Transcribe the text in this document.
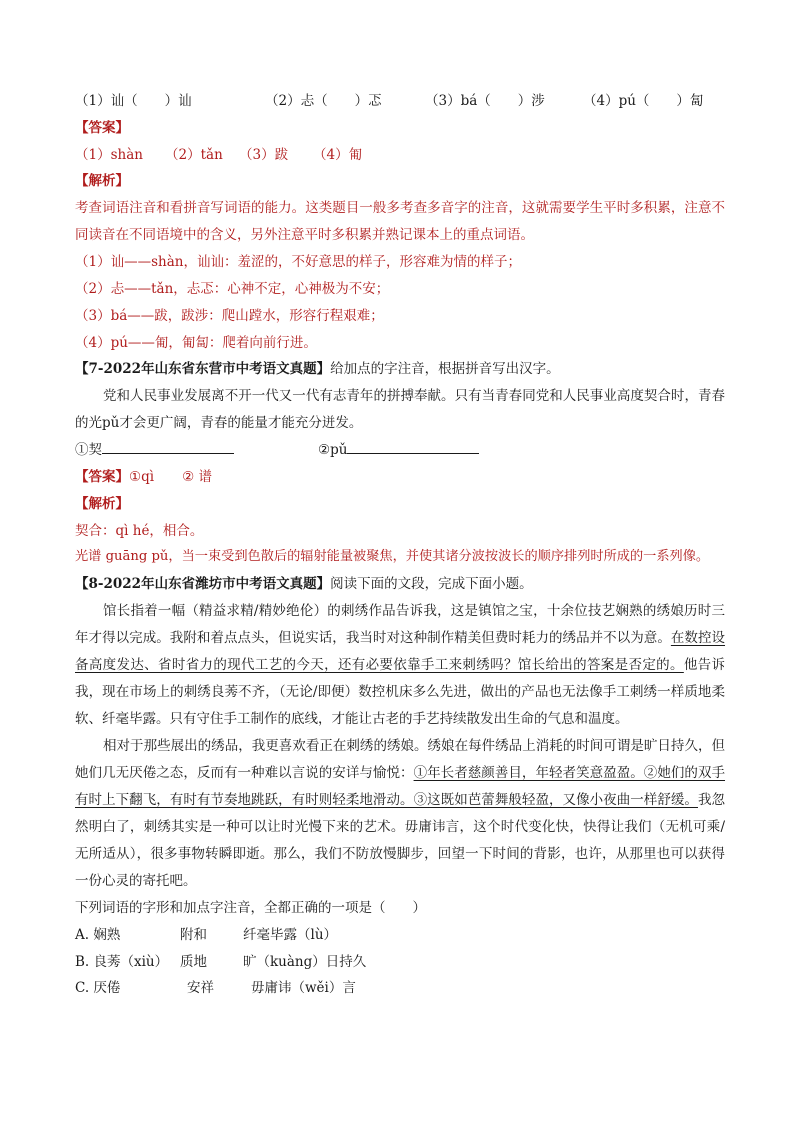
（1）讪（　　）讪	（2）忐（　　）忑	（3）bá（　　）涉	（4）pú（　　）匐
【答案】
（1）shàn （2）tǎn （3）跋 （4）匍
【解析】
考查词语注音和看拼音写词语的能力。这类题目一般多考查多音字的注音，这就需要学生平时多积累，注意不同读音在不同语境中的含义，另外注意平时多积累并熟记课本上的重点词语。
（1）讪——shàn，讪讪：羞涩的，不好意思的样子，形容难为情的样子；
（2）忐——tǎn，忐忑：心神不定，心神极为不安；
（3）bá——跋，跋涉：爬山蹚水，形容行程艰难；
（4）pú——匍，匍匐：爬着向前行进。
【7-2022年山东省东营市中考语文真题】给加点的字注音，根据拼音写出汉字。
党和人民事业发展离不开一代又一代有志青年的拼搏奉献。只有当青春同党和人民事业高度契合时，青春的光pǔ才会更广阔，青春的能量才能充分迸发。
①契	②pǔ
【答案】①qì ② 谱
【解析】
契合：qì hé，相合。
光谱 guāng pǔ，当一束受到色散后的辐射能量被聚焦，并使其诸分波按波长的顺序排列时所成的一系列像。
【8-2022年山东省潍坊市中考语文真题】阅读下面的文段，完成下面小题。
馆长指着一幅（精益求精/精妙绝伦）的刺绣作品告诉我，这是镇馆之宝，十余位技艺娴熟的绣娘历时三年才得以完成。我附和着点点头，但说实话，我当时对这种制作精美但费时耗力的绣品并不以为意。在数控设备高度发达、省时省力的现代工艺的今天，还有必要依靠手工来刺绣吗？馆长给出的答案是否定的。他告诉我，现在市场上的刺绣良莠不齐，（无论/即便）数控机床多么先进，做出的产品也无法像手工刺绣一样质地柔软、纤毫毕露。只有守住手工制作的底线，才能让古老的手艺持续散发出生命的气息和温度。
相对于那些展出的绣品，我更喜欢看正在刺绣的绣娘。绣娘在每件绣品上消耗的时间可谓是旷日持久，但她们几无厌倦之态，反而有一种难以言说的安详与愉悦：①年长者慈颜善目，年轻者笑意盈盈。②她们的双手有时上下翻飞，有时有节奏地跳跃，有时则轻柔地滑动。③这既如芭蕾舞般轻盈，又像小夜曲一样舒缓。我忽然明白了，刺绣其实是一种可以让时光慢下来的艺术。毋庸讳言，这个时代变化快，快得让我们（无机可乘/无所适从），很多事物转瞬即逝。那么，我们不防放慢脚步，回望一下时间的背影，也许，从那里也可以获得一份心灵的寄托吧。
下列词语的字形和加点字注音，全都正确的一项是（　　）
A. 娴熟	附和	纤毫毕露（lù）
B. 良莠（xiù） 质地	旷（kuàng）日持久
C. 厌倦	安祥	毋庸讳（wěi）言
